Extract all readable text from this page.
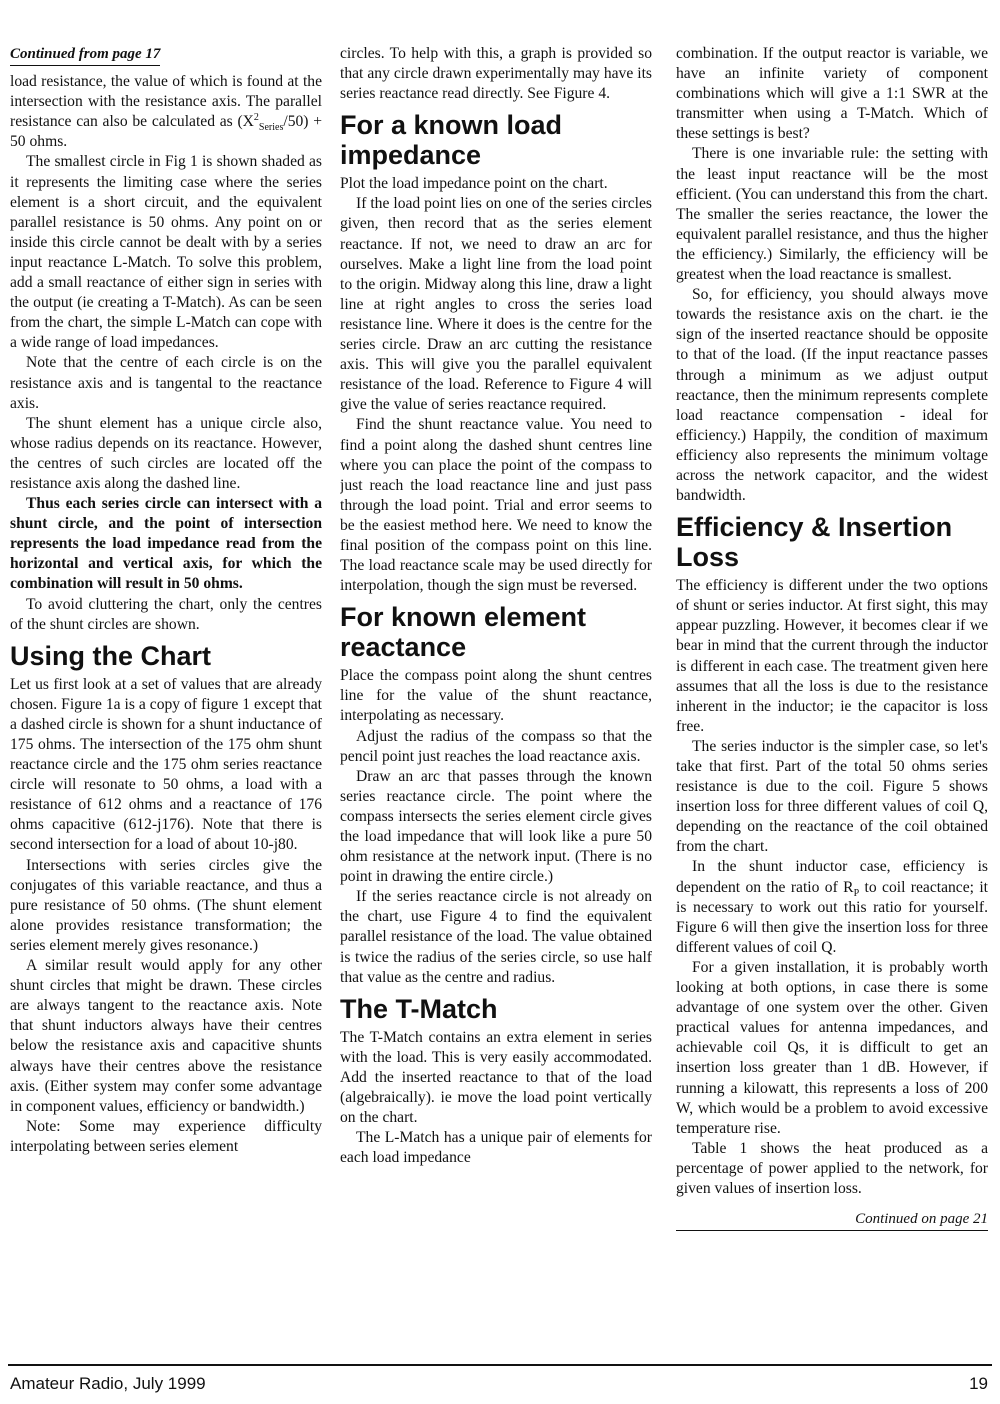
Continued from page 17

load resistance, the value of which is found at the intersection with the resistance axis. The parallel resistance can also be calculated as $(X^2_{Series}/50) + 50$ ohms.

The smallest circle in Fig 1 is shown shaded as it represents the limiting case where the series element is a short circuit, and the equivalent parallel resistance is 50 ohms. Any point on or inside this circle cannot be dealt with by a series input reactance L-Match. To solve this problem, add a small reactance of either sign in series with the output (ie creating a T-Match). As can be seen from the chart, the simple L-Match can cope with a wide range of load impedances.

Note that the centre of each circle is on the resistance axis and is tangental to the reactance axis.

The shunt element has a unique circle also, whose radius depends on its reactance. However, the centres of such circles are located off the resistance axis along the dashed line.

Thus each series circle can intersect with a shunt circle, and the point of intersection represents the load impedance read from the horizontal and vertical axis, for which the combination will result in 50 ohms.

To avoid cluttering the chart, only the centres of the shunt circles are shown.

Using the Chart

Let us first look at a set of values that are already chosen. Figure 1a is a copy of figure 1 except that a dashed circle is shown for a shunt inductance of 175 ohms. The intersection of the 175 ohm shunt reactance circle and the 175 ohm series reactance circle will resonate to 50 ohms, a load with a resistance of 612 ohms and a reactance of 176 ohms capacitive (612-j176). Note that there is second intersection for a load of about 10-j80.

Intersections with series circles give the conjugates of this variable reactance, and thus a pure resistance of 50 ohms. (The shunt element alone provides resistance transformation; the series element merely gives resonance.)

A similar result would apply for any other shunt circles that might be drawn. These circles are always tangent to the reactance axis. Note that shunt inductors always have their centres below the resistance axis and capacitive shunts always have their centres above the resistance axis. (Either system may confer some advantage in component values, efficiency or bandwidth.)

Note: Some may experience difficulty interpolating between series element

circles. To help with this, a graph is provided so that any circle drawn experimentally may have its series reactance read directly. See Figure 4.

For a known load impedance

Plot the load impedance point on the chart.

If the load point lies on one of the series circles given, then record that as the series element reactance. If not, we need to draw an arc for ourselves. Make a light line from the load point to the origin. Midway along this line, draw a light line at right angles to cross the series load resistance line. Where it does is the centre for the series circle. Draw an arc cutting the resistance axis. This will give you the parallel equivalent resistance of the load. Reference to Figure 4 will give the value of series reactance required.

Find the shunt reactance value. You need to find a point along the dashed shunt centres line where you can place the point of the compass to just reach the load reactance line and just pass through the load point. Trial and error seems to be the easiest method here. We need to know the final position of the compass point on this line. The load reactance scale may be used directly for interpolation, though the sign must be reversed.

For known element reactance

Place the compass point along the shunt centres line for the value of the shunt reactance, interpolating as necessary.

Adjust the radius of the compass so that the pencil point just reaches the load reactance axis.

Draw an arc that passes through the known series reactance circle. The point where the compass intersects the series element circle gives the load impedance that will look like a pure 50 ohm resistance at the network input. (There is no point in drawing the entire circle.)

If the series reactance circle is not already on the chart, use Figure 4 to find the equivalent parallel resistance of the load. The value obtained is twice the radius of the series circle, so use half that value as the centre and radius.

The T-Match

The T-Match contains an extra element in series with the load. This is very easily accommodated. Add the inserted reactance to that of the load (algebraically). ie move the load point vertically on the chart.

The L-Match has a unique pair of elements for each load impedance

combination. If the output reactor is variable, we have an infinite variety of component combinations which will give a 1:1 SWR at the transmitter when using a T-Match. Which of these settings is best?

There is one invariable rule: the setting with the least input reactance will be the most efficient. (You can understand this from the chart. The smaller the series reactance, the lower the equivalent parallel resistance, and thus the higher the efficiency.) Similarly, the efficiency will be greatest when the load reactance is smallest.

So, for efficiency, you should always move towards the resistance axis on the chart. ie the sign of the inserted reactance should be opposite to that of the load. (If the input reactance passes through a minimum as we adjust output reactance, then the minimum represents complete load reactance compensation - ideal for efficiency.) Happily, the condition of maximum efficiency also represents the minimum voltage across the network capacitor, and the widest bandwidth.

Efficiency & Insertion Loss

The efficiency is different under the two options of shunt or series inductor. At first sight, this may appear puzzling. However, it becomes clear if we bear in mind that the current through the inductor is different in each case. The treatment given here assumes that all the loss is due to the resistance inherent in the inductor; ie the capacitor is loss free.

The series inductor is the simpler case, so let's take that first. Part of the total 50 ohms series resistance is due to the coil. Figure 5 shows insertion loss for three different values of coil Q, depending on the reactance of the coil obtained from the chart.

In the shunt inductor case, efficiency is dependent on the ratio of $R_P$ to coil reactance; it is necessary to work out this ratio for yourself. Figure 6 will then give the insertion loss for three different values of coil Q.

For a given installation, it is probably worth looking at both options, in case there is some advantage of one system over the other. Given practical values for antenna impedances, and achievable coil Qs, it is difficult to get an insertion loss greater than 1 dB. However, if running a kilowatt, this represents a loss of 200 W, which would be a problem to avoid excessive temperature rise.

Table 1 shows the heat produced as a percentage of power applied to the network, for given values of insertion loss.

Continued on page 21
Amateur Radio, July 1999	19
